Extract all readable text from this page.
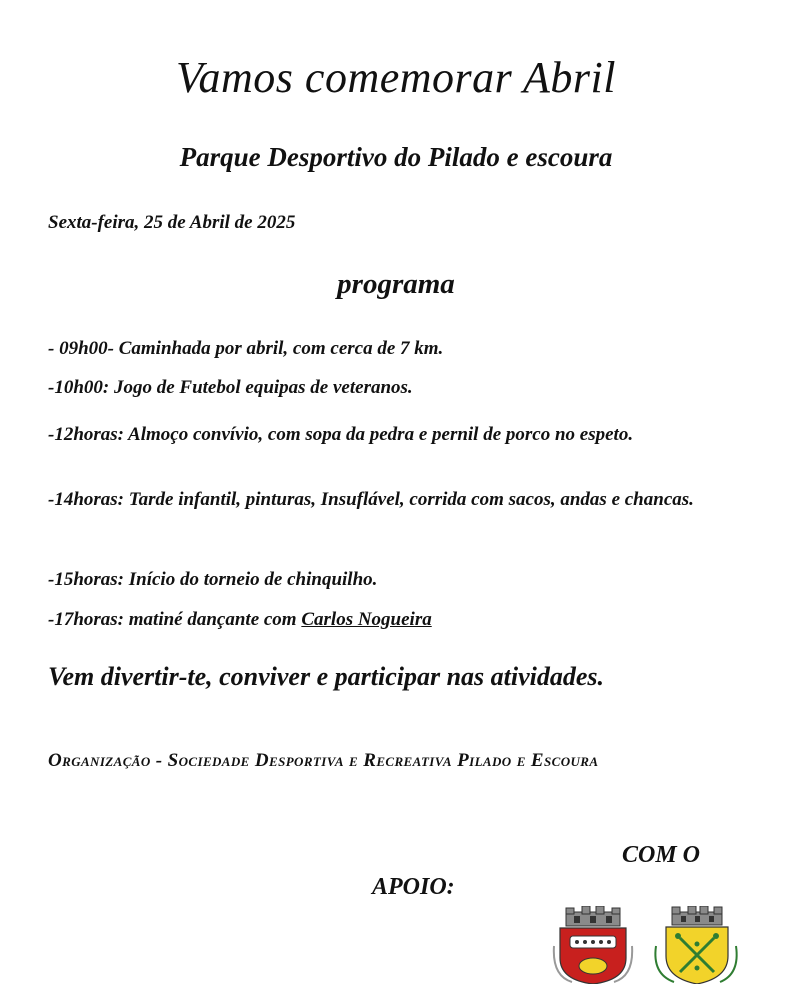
Vamos comemorar Abril
Parque Desportivo do Pilado e escoura
Sexta-feira, 25 de Abril de 2025
programa
- 09h00- Caminhada por abril, com cerca de 7 km.
-10h00: Jogo de Futebol equipas de veteranos.
-12horas: Almoço convívio, com sopa da pedra e pernil de porco no espeto.
-14horas: Tarde infantil, pinturas, Insuflável, corrida com sacos, andas e chancas.
-15horas: Início do torneio de chinquilho.
-17horas: matiné dançante com Carlos Nogueira
Vem divertir-te, conviver e participar nas atividades.
Organização - Sociedade Desportiva e Recreativa Pilado e Escoura
COM O
APOIO:
